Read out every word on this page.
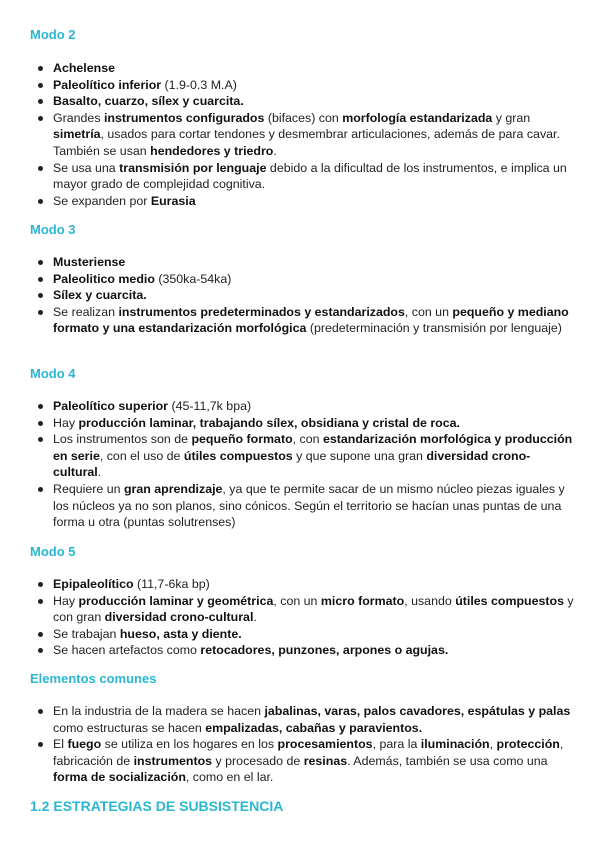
Modo 2
Achelense
Paleolítico inferior (1.9-0.3 M.A)
Basalto, cuarzo, sílex y cuarcita.
Grandes instrumentos configurados (bifaces) con morfología estandarizada y gran simetría, usados para cortar tendones y desmembrar articulaciones, además de para cavar. También se usan hendedores y triedro.
Se usa una transmisión por lenguaje debido a la dificultad de los instrumentos, e implica un mayor grado de complejidad cognitiva.
Se expanden por Eurasia
Modo 3
Musteriense
Paleolitico medio (350ka-54ka)
Sílex y cuarcita.
Se realizan instrumentos predeterminados y estandarizados, con un pequeño y mediano formato y una estandarización morfológica (predeterminación y transmisión por lenguaje)
Modo 4
Paleolítico superior (45-11,7k bpa)
Hay producción laminar, trabajando sílex, obsidiana y cristal de roca.
Los instrumentos son de pequeño formato, con estandarización morfológica y producción en serie, con el uso de útiles compuestos y que supone una gran diversidad crono-cultural.
Requiere un gran aprendizaje, ya que te permite sacar de un mismo núcleo piezas iguales y los núcleos ya no son planos, sino cónicos. Según el territorio se hacían unas puntas de una forma u otra (puntas solutrenses)
Modo 5
Epipaleolítico (11,7-6ka bp)
Hay producción laminar y geométrica, con un micro formato, usando útiles compuestos y con gran diversidad crono-cultural.
Se trabajan hueso, asta y diente.
Se hacen artefactos como retocadores, punzones, arpones o agujas.
Elementos comunes
En la industria de la madera se hacen jabalinas, varas, palos cavadores, espátulas y palas como estructuras se hacen empalizadas, cabañas y paravientos.
El fuego se utiliza en los hogares en los procesamientos, para la iluminación, protección, fabricación de instrumentos y procesado de resinas. Además, también se usa como una forma de socialización, como en el lar.
1.2 ESTRATEGIAS DE SUBSISTENCIA
